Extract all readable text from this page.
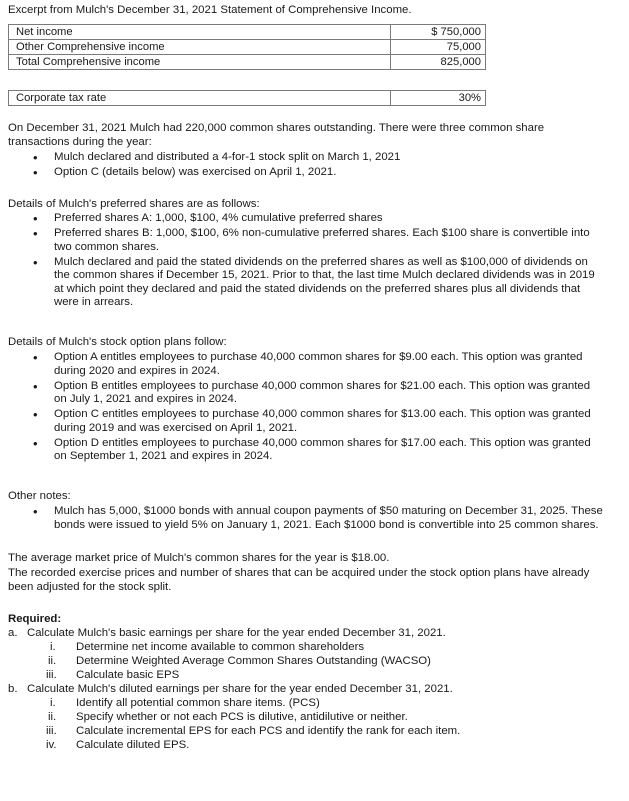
Excerpt from Mulch's December 31, 2021 Statement of Comprehensive Income.
Net income	$ 750,000
Other Comprehensive income	75,000
Total Comprehensive income	825,000
Corporate tax rate	30%

On December 31, 2021 Mulch had 220,000 common shares outstanding. There were three common share transactions during the year:

• Mulch declared and distributed a 4-for-1 stock split on March 1, 2021
• Option C (details below) was exercised on April 1, 2021.

Details of Mulch's preferred shares are as follows:

• Preferred shares A: 1,000, $100, 4% cumulative preferred shares
• Preferred shares B: 1,000, $100, 6% non-cumulative preferred shares. Each $100 share is convertible into two common shares.
• Mulch declared and paid the stated dividends on the preferred shares as well as $100,000 of dividends on the common shares if December 15, 2021. Prior to that, the last time Mulch declared dividends was in 2019 at which point they declared and paid the stated dividends on the preferred shares plus all dividends that were in arrears.

Details of Mulch's stock option plans follow:

• Option A entitles employees to purchase 40,000 common shares for $9.00 each. This option was granted during 2020 and expires in 2024.
• Option B entitles employees to purchase 40,000 common shares for $21.00 each. This option was granted on July 1, 2021 and expires in 2024.
• Option C entitles employees to purchase 40,000 common shares for $13.00 each. This option was granted during 2019 and was exercised on April 1, 2021.
• Option D entitles employees to purchase 40,000 common shares for $17.00 each. This option was granted on September 1, 2021 and expires in 2024.

Other notes:

• Mulch has 5,000, $1000 bonds with annual coupon payments of $50 maturing on December 31, 2025. These bonds were issued to yield 5% on January 1, 2021. Each $1000 bond is convertible into 25 common shares.

The average market price of Mulch's common shares for the year is $18.00.

The recorded exercise prices and number of shares that can be acquired under the stock option plans have already been adjusted for the stock split.

Required:
a. Calculate Mulch's basic earnings per share for the year ended December 31, 2021.
i. Determine net income available to common shareholders
ii. Determine Weighted Average Common Shares Outstanding (WACSO)
iii. Calculate basic EPS
b. Calculate Mulch's diluted earnings per share for the year ended December 31, 2021.
i. Identify all potential common share items. (PCS)
ii. Specify whether or not each PCS is dilutive, antidilutive or neither.
iii. Calculate incremental EPS for each PCS and identify the rank for each item.
iv. Calculate diluted EPS.
